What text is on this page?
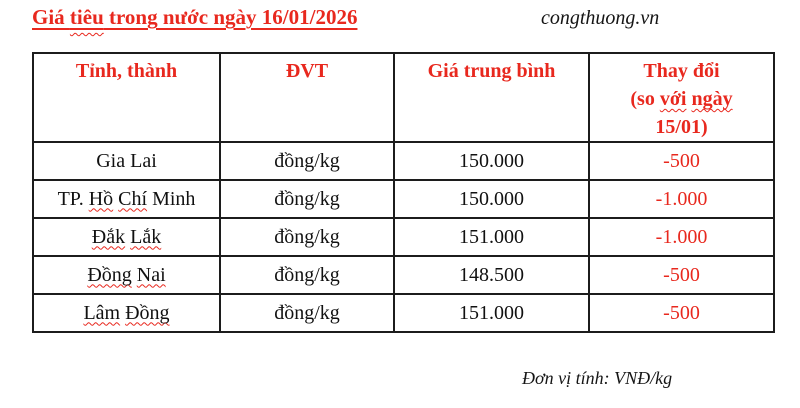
Giá tiêu trong nước ngày 16/01/2026	congthuong.vn
Tỉnh, thành	ĐVT	Giá trung bình	Thay đổi
(so với ngày
15/01)

Gia Lai	đồng/kg	150.000	-500
TP. Hồ Chí Minh	đồng/kg	150.000	-1.000
Đắk Lắk	đồng/kg	151.000	-1.000
Đồng Nai	đồng/kg	148.500	-500
Lâm Đồng	đồng/kg	151.000	-500
Đơn vị tính: VNĐ/kg
